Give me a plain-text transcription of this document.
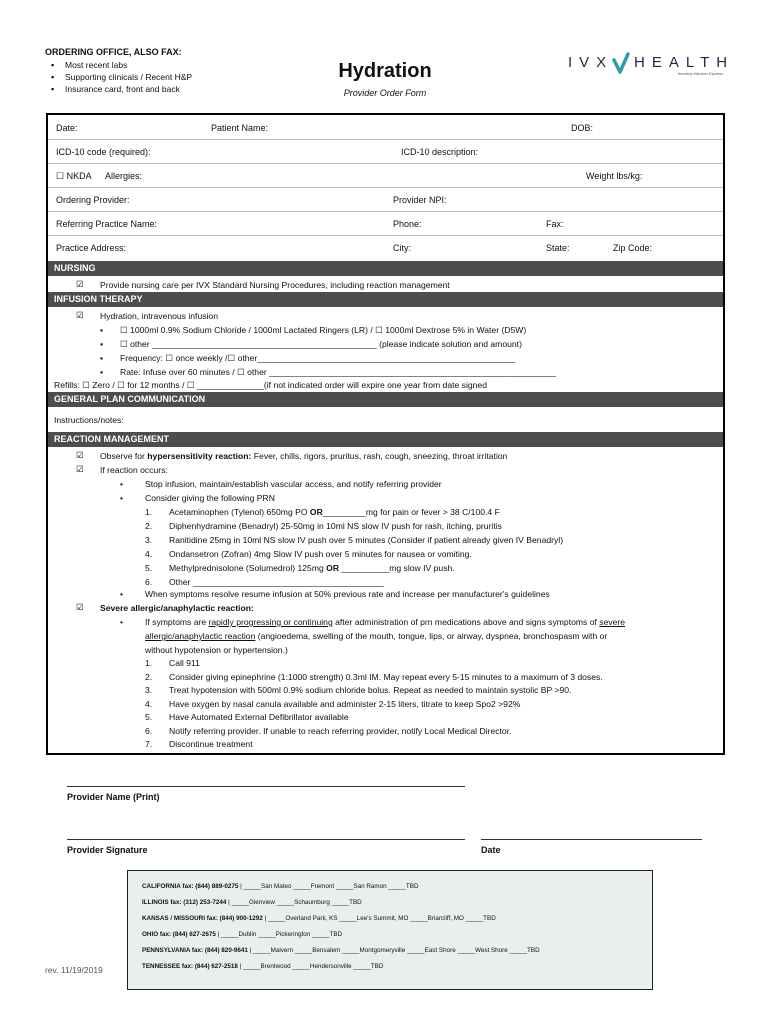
ORDERING OFFICE, ALSO FAX:
▪ Most recent labs
▪ Supporting clinicals / Recent H&P
▪ Insurance card, front and back
Hydration
Provider Order Form
IVX HEALTH
formerly Infusion Express
Date:	Patient Name:	DOB:
ICD-10 code (required):	ICD-10 description:
☐ NKDA Allergies:	Weight lbs/kg:
Ordering Provider:	Provider NPI:
Referring Practice Name:	Phone:	Fax:
Practice Address:	City:	State:	Zip Code:
NURSING
☑
Provide nursing care per IVX Standard Nursing Procedures, including reaction management
INFUSION THERAPY
☑
Hydration, intravenous infusion
▪ ☐ 1000ml 0.9% Sodium Chloride / 1000ml Lactated Ringers (LR) / ☐ 1000ml Dextrose 5% in Water (D5W)
▪ ☐ other _______________________________________________ (please indicate solution and amount)
▪ Frequency: ☐ once weekly /☐ other______________________________________________________
▪ Rate: Infuse over 60 minutes / ☐ other ____________________________________________________________
Refills: ☐ Zero / ☐ for 12 months / ☐ ______________(if not indicated order will expire one year from date signed
GENERAL PLAN COMMUNICATION
Instructions/notes:
REACTION MANAGEMENT
☑
Observe for hypersensitivity reaction: Fever, chills, rigors, pruritus, rash, cough, sneezing, throat irritation
☑
If reaction occurs:
•	Stop infusion, maintain/establish vascular access, and notify referring provider
•	Consider giving the following PRN
1. Acetaminophen (Tylenol) 650mg PO OR_________mg for pain or fever > 38 C/100.4 F
2. Diphenhydramine (Benadryl) 25-50mg in 10ml NS slow IV push for rash, itching, pruritis
3. Ranitidine 25mg in 10ml NS slow IV push over 5 minutes (Consider if patient already given IV Benadryl)
4. Ondansetron (Zofran) 4mg Slow IV push over 5 minutes for nausea or vomiting.
5. Methylprednisolone (Solumedrol) 125mg OR __________mg slow IV push.
6. Other ________________________________________
•	When symptoms resolve resume infusion at 50% previous rate and increase per manufacturer's guidelines
☑
Severe allergic/anaphylactic reaction:
•	If symptoms are rapidly progressing or continuing after administration of prn medications above and signs symptoms of severe
allergic/anaphylactic reaction (angioedema, swelling of the mouth, tongue, lips, or airway, dyspnea, bronchospasm with or
without hypotension or hypertension.)
1. Call 911
2. Consider giving epinephrine (1:1000 strength) 0.3ml IM. May repeat every 5-15 minutes to a maximum of 3 doses.
3. Treat hypotension with 500ml 0.9% sodium chloride bolus. Repeat as needed to maintain systolic BP >90.
4. Have oxygen by nasal canula available and administer 2-15 liters, titrate to keep Spo2 >92%
5. Have Automated External Defibrillator available
6. Notify referring provider. If unable to reach referring provider, notify Local Medical Director.
7. Discontinue treatment
Provider Name (Print)
Provider Signature	Date
CALIFORNIA fax: (844) 889-0275 | _____San Mateo _____Fremont _____San Ramon _____TBD
ILLINOIS fax: (312) 253-7244 | _____Glenview _____Schaumburg _____TBD
KANSAS / MISSOURI fax: (844) 900-1292 | _____Overland Park, KS _____Lee's Summit, MO _____Briarcliff, MO _____TBD
OHIO fax: (844) 627-2675 | _____Dublin _____Pickerington _____TBD
PENNSYLVANIA fax: (844) 820-9641 | _____Malvern _____Bensalem _____Montgomeryville _____East Shore _____West Shore _____TBD
TENNESSEE fax: (844) 627-2518 | _____Brentwood _____Hendersonville _____TBD
rev. 11/19/2019
